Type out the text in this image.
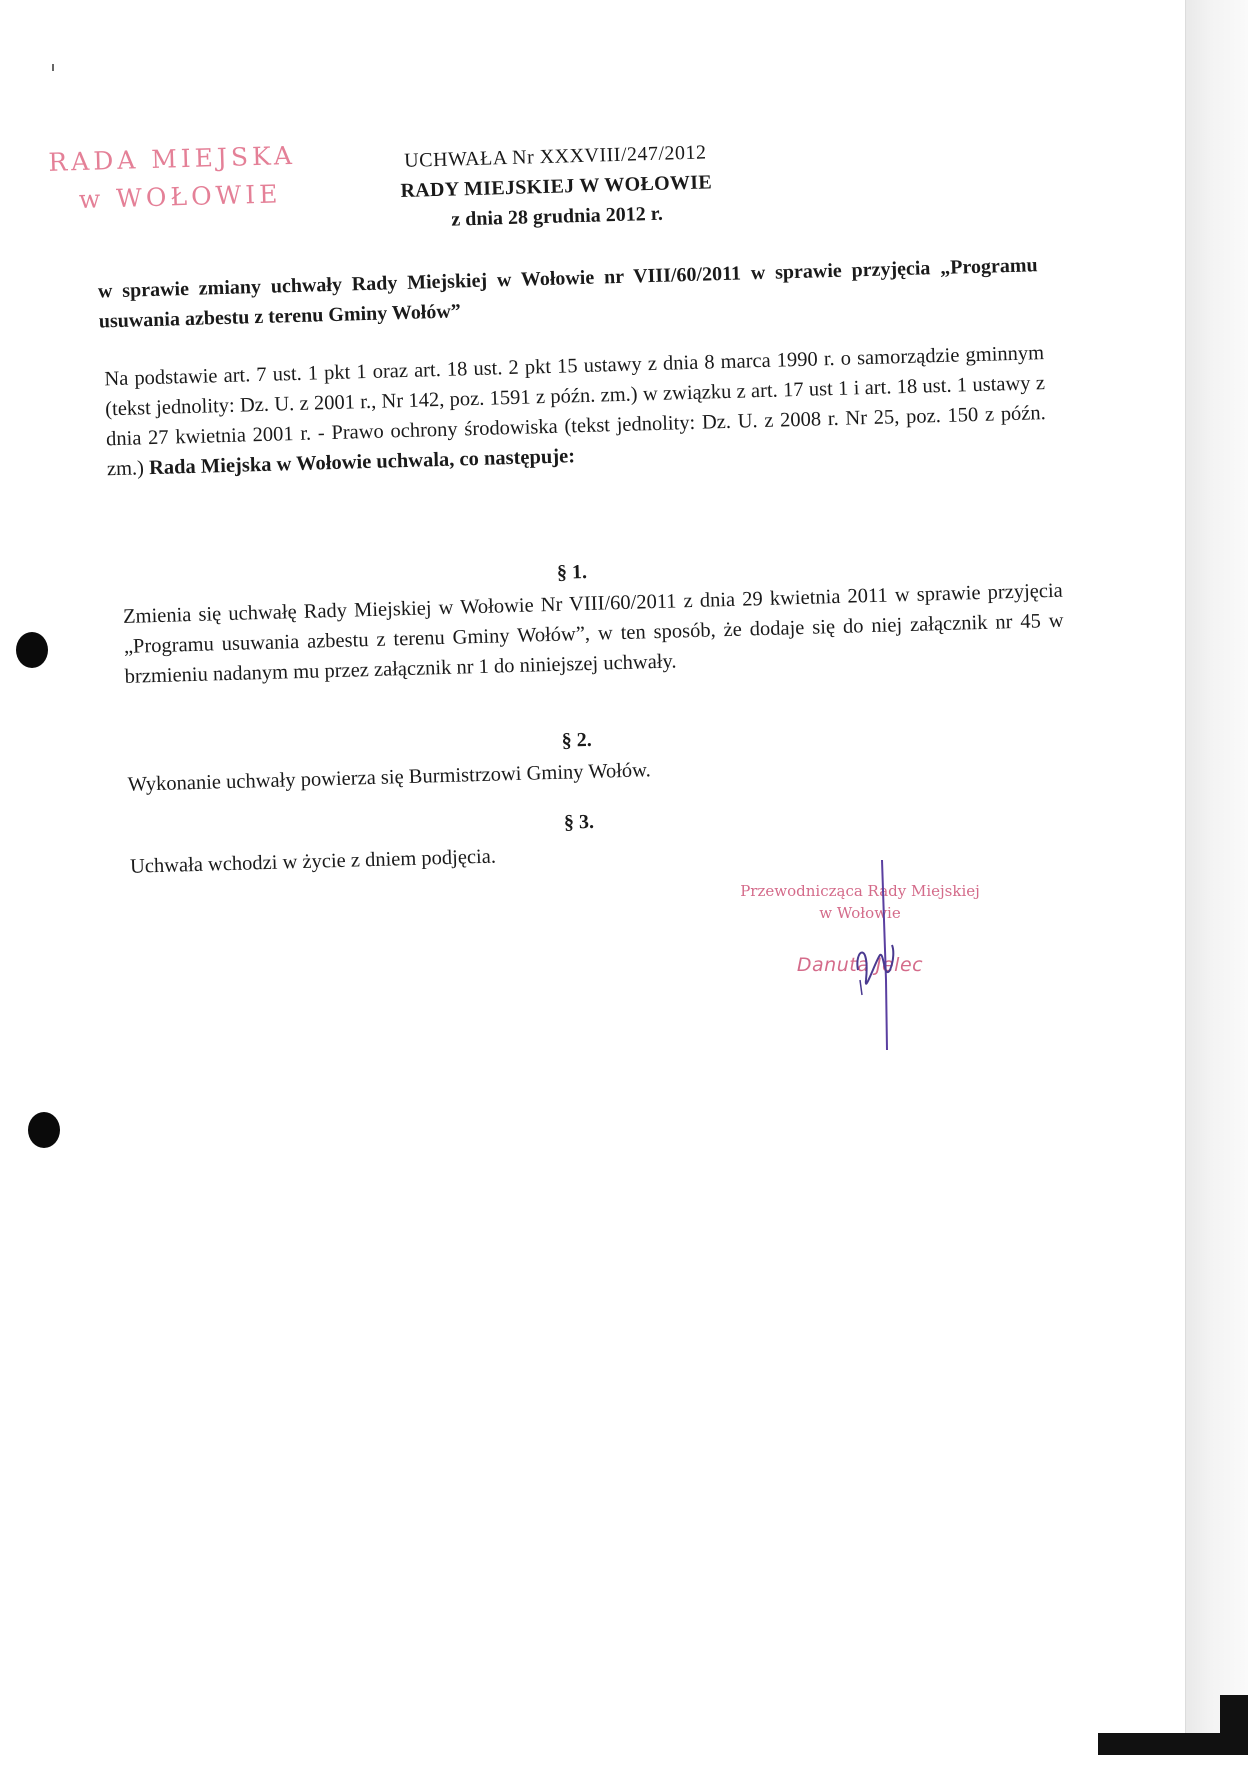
RADA MIEJSKA
w WOŁOWIE
UCHWAŁA Nr XXXVIII/247/2012
RADY MIEJSKIEJ W WOŁOWIE
z dnia 28 grudnia 2012 r.
w sprawie zmiany uchwały Rady Miejskiej w Wołowie nr VIII/60/2011 w sprawie przyjęcia „Programu usuwania azbestu z terenu Gminy Wołów”
Na podstawie art. 7 ust. 1 pkt 1 oraz art. 18 ust. 2 pkt 15 ustawy z dnia 8 marca 1990 r. o samorządzie gminnym (tekst jednolity: Dz. U. z 2001 r., Nr 142, poz. 1591 z późn. zm.) w związku z art. 17 ust 1 i art. 18 ust. 1 ustawy z dnia 27 kwietnia 2001 r. - Prawo ochrony środowiska (tekst jednolity: Dz. U. z 2008 r. Nr 25, poz. 150 z późn. zm.) Rada Miejska w Wołowie uchwala, co następuje:
§ 1.
Zmienia się uchwałę Rady Miejskiej w Wołowie Nr VIII/60/2011 z dnia 29 kwietnia 2011 w sprawie przyjęcia „Programu usuwania azbestu z terenu Gminy Wołów”, w ten sposób, że dodaje się do niej załącznik nr 45 w brzmieniu nadanym mu przez załącznik nr 1 do niniejszej uchwały.
§ 2.
Wykonanie uchwały powierza się Burmistrzowi Gminy Wołów.
§ 3.
Uchwała wchodzi w życie z dniem podjęcia.
Przewodnicząca Rady Miejskiej
w Wołowie
Danuta Jelec
